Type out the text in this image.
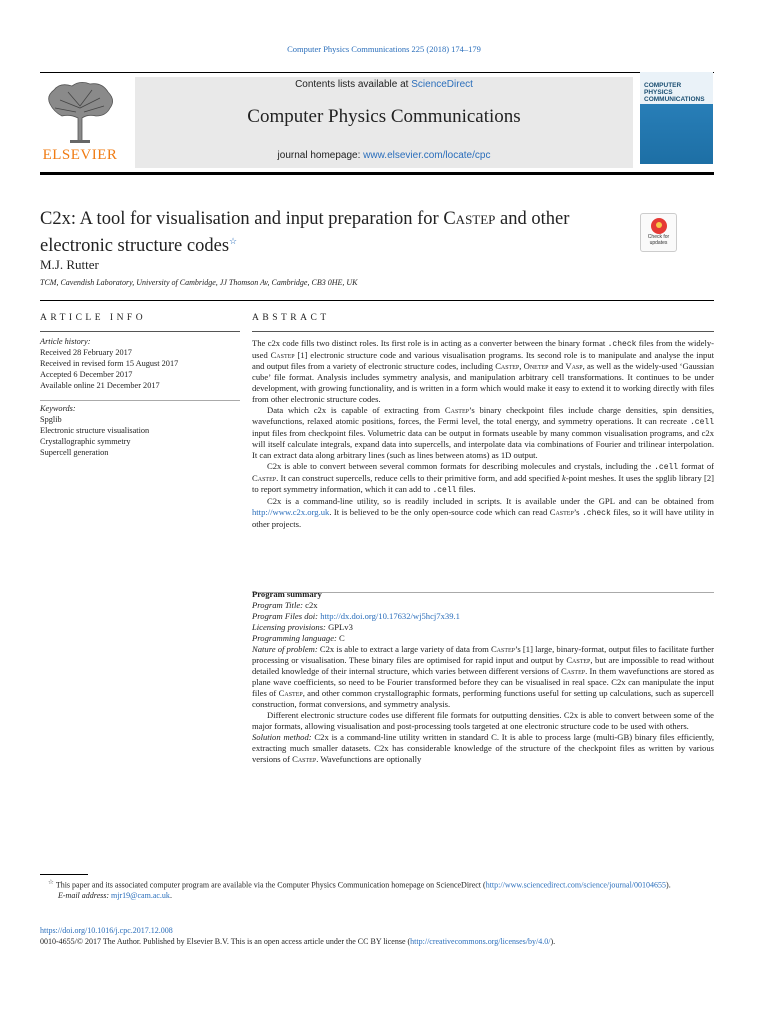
Computer Physics Communications 225 (2018) 174–179
ELSEVIER
Contents lists available at ScienceDirect
Computer Physics Communications
journal homepage: www.elsevier.com/locate/cpc
COMPUTER PHYSICS COMMUNICATIONS
C2x: A tool for visualisation and input preparation for Castep and other electronic structure codes☆	Check for updates
M.J. Rutter
TCM, Cavendish Laboratory, University of Cambridge, JJ Thomson Av, Cambridge, CB3 0HE, UK
ARTICLE INFO	ABSTRACT
Article history:
Received 28 February 2017
Received in revised form 15 August 2017
Accepted 6 December 2017
Available online 21 December 2017
Keywords:
Spglib
Electronic structure visualisation
Crystallographic symmetry
Supercell generation

The c2x code fills two distinct roles. Its first role is in acting as a converter between the binary format .check files from the widely-used Castep [1] electronic structure code and various visualisation programs. Its second role is to manipulate and analyse the input and output files from a variety of electronic structure codes, including Castep, Onetep and Vasp, as well as the widely-used ‘Gaussian cube’ file format. Analysis includes symmetry analysis, and manipulation arbitrary cell transformations. It continues to be under development, with growing functionality, and is written in a form which would make it easy to extend it to working directly with files from other electronic structure codes.

Data which c2x is capable of extracting from Castep’s binary checkpoint files include charge densities, spin densities, wavefunctions, relaxed atomic positions, forces, the Fermi level, the total energy, and symmetry operations. It can recreate .cell input files from checkpoint files. Volumetric data can be output in formats useable by many common visualisation programs, and c2x will itself calculate integrals, expand data into supercells, and interpolate data via combinations of Fourier and trilinear interpolation. It can extract data along arbitrary lines (such as lines between atoms) as 1D output.

C2x is able to convert between several common formats for describing molecules and crystals, including the .cell format of Castep. It can construct supercells, reduce cells to their primitive form, and add specified k-point meshes. It uses the spglib library [2] to report symmetry information, which it can add to .cell files.

C2x is a command-line utility, so is readily included in scripts. It is available under the GPL and can be obtained from http://www.c2x.org.uk. It is believed to be the only open-source code which can read Castep’s .check files, so it will have utility in other projects.

Program summary

Program Title: c2x

Program Files doi: http://dx.doi.org/10.17632/wj5hcj7x39.1

Licensing provisions: GPLv3

Programming language: C

Nature of problem: C2x is able to extract a large variety of data from Castep’s [1] large, binary-format, output files to facilitate further processing or visualisation. These binary files are optimised for rapid input and output by Castep, but are impossible to read without detailed knowledge of their internal structure, which varies between different versions of Castep. In them wavefunctions are stored as plane wave coefficients, so need to be Fourier transformed before they can be visualised in real space. C2x can manipulate the input files of Castep, and other common crystallographic formats, performing functions useful for setting up calculations, such as supercell construction, format conversions, and symmetry analysis.

Different electronic structure codes use different file formats for outputting densities. C2x is able to convert between some of the major formats, allowing visualisation and post-processing tools targeted at one electronic structure code to be used with others.

Solution method: C2x is a command-line utility written in standard C. It is able to process large (multi-GB) binary files efficiently, extracting much smaller datasets. C2x has considerable knowledge of the structure of the checkpoint files as written by various versions of Castep. Wavefunctions are optionally

☆ This paper and its associated computer program are available via the Computer Physics Communication homepage on ScienceDirect (http://www.sciencedirect.com/science/journal/00104655).
E-mail address: mjr19@cam.ac.uk.
https://doi.org/10.1016/j.cpc.2017.12.008
0010-4655/© 2017 The Author. Published by Elsevier B.V. This is an open access article under the CC BY license (http://creativecommons.org/licenses/by/4.0/).
